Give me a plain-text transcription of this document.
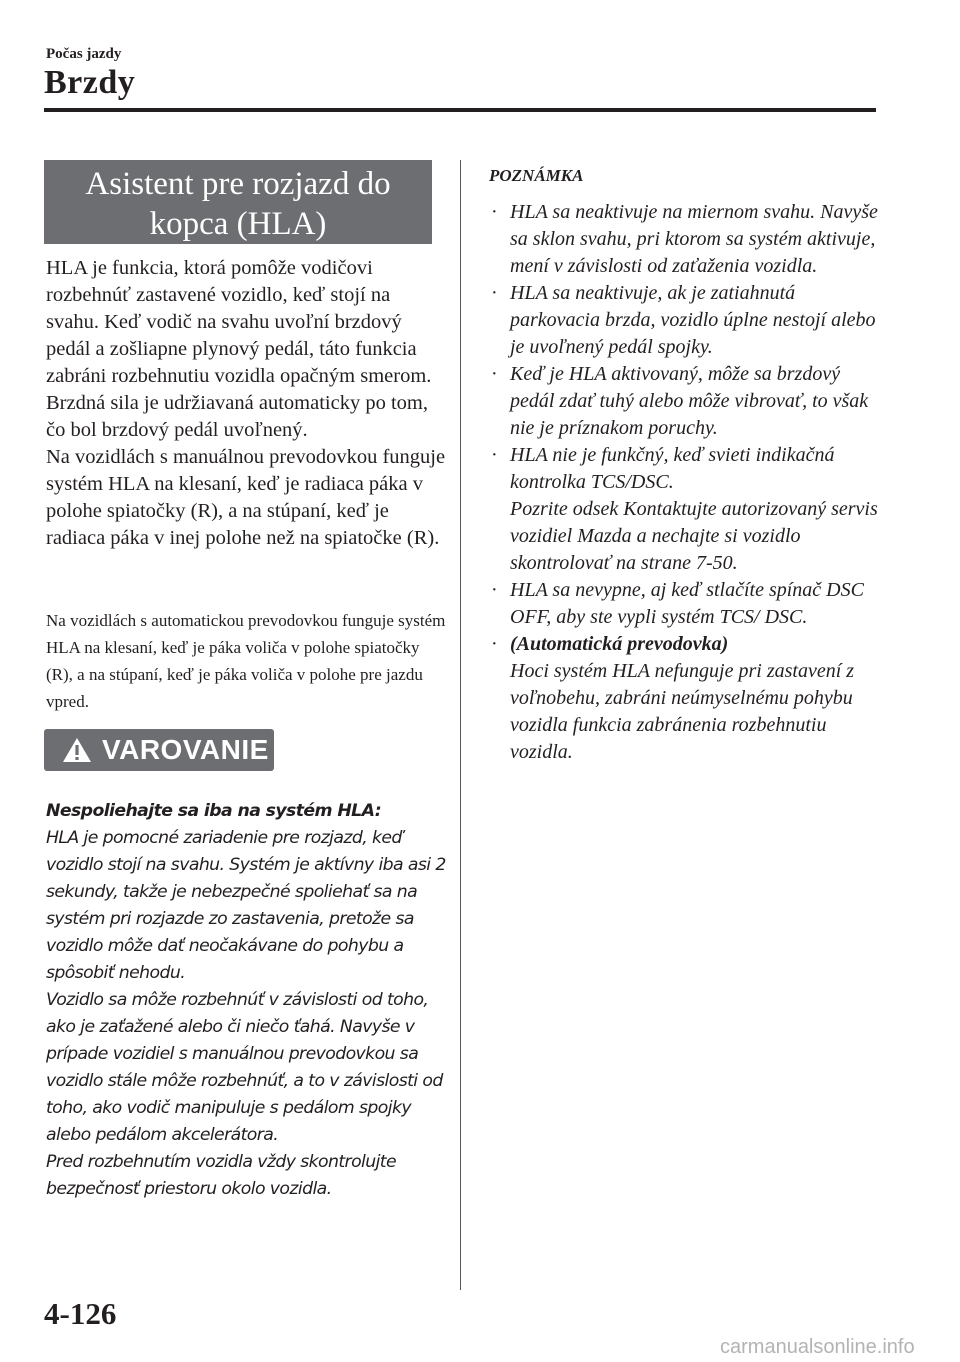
Počas jazdy
Brzdy
Asistent pre rozjazd do
kopca (HLA)

HLA je funkcia, ktorá pomôže vodičovi rozbehnúť zastavené vozidlo, keď stojí na svahu. Keď vodič na svahu uvoľní brzdový pedál a zošliapne plynový pedál, táto funkcia zabráni rozbehnutiu vozidla opačným smerom. Brzdná sila je udržiavaná automaticky po tom, čo bol brzdový pedál uvoľnený.

Na vozidlách s manuálnou prevodovkou funguje systém HLA na klesaní, keď je radiaca páka v polohe spiatočky (R), a na stúpaní, keď je radiaca páka v inej polohe než na spiatočke (R).

Na vozidlách s automatickou prevodovkou funguje systém HLA na klesaní, keď je páka voliča v polohe spiatočky (R), a na stúpaní, keď je páka voliča v polohe pre jazdu vpred.
VAROVANIE

Nespoliehajte sa iba na systém HLA:

HLA je pomocné zariadenie pre rozjazd, keď vozidlo stojí na svahu. Systém je aktívny iba asi 2 sekundy, takže je nebezpečné spoliehať sa na systém pri rozjazde zo zastavenia, pretože sa vozidlo môže dať neočakávane do pohybu a spôsobiť nehodu.

Vozidlo sa môže rozbehnúť v závislosti od toho, ako je zaťažené alebo či niečo ťahá. Navyše v prípade vozidiel s manuálnou prevodovkou sa vozidlo stále môže rozbehnúť, a to v závislosti od toho, ako vodič manipuluje s pedálom spojky alebo pedálom akcelerátora.

Pred rozbehnutím vozidla vždy skontrolujte bezpečnosť priestoru okolo vozidla.

POZNÁMKA
· HLA sa neaktivuje na miernom svahu. Navyše sa sklon svahu, pri ktorom sa systém aktivuje, mení v závislosti od zaťaženia vozidla.

· HLA sa neaktivuje, ak je zatiahnutá parkovacia brzda, vozidlo úplne nestojí alebo je uvoľnený pedál spojky.

· Keď je HLA aktivovaný, môže sa brzdový pedál zdať tuhý alebo môže vibrovať, to však nie je príznakom poruchy.

· HLA nie je funkčný, keď svieti indikačná kontrolka TCS/DSC.

Pozrite odsek Kontaktujte autorizovaný servis vozidiel Mazda a nechajte si vozidlo skontrolovať na strane 7-50.

· HLA sa nevypne, aj keď stlačíte spínač DSC OFF, aby ste vypli systém TCS/ DSC.

· (Automatická prevodovka)

Hoci systém HLA nefunguje pri zastavení z voľnobehu, zabráni neúmyselnému pohybu vozidla funkcia zabránenia rozbehnutiu vozidla.

4-126
carmanualsonline.info
